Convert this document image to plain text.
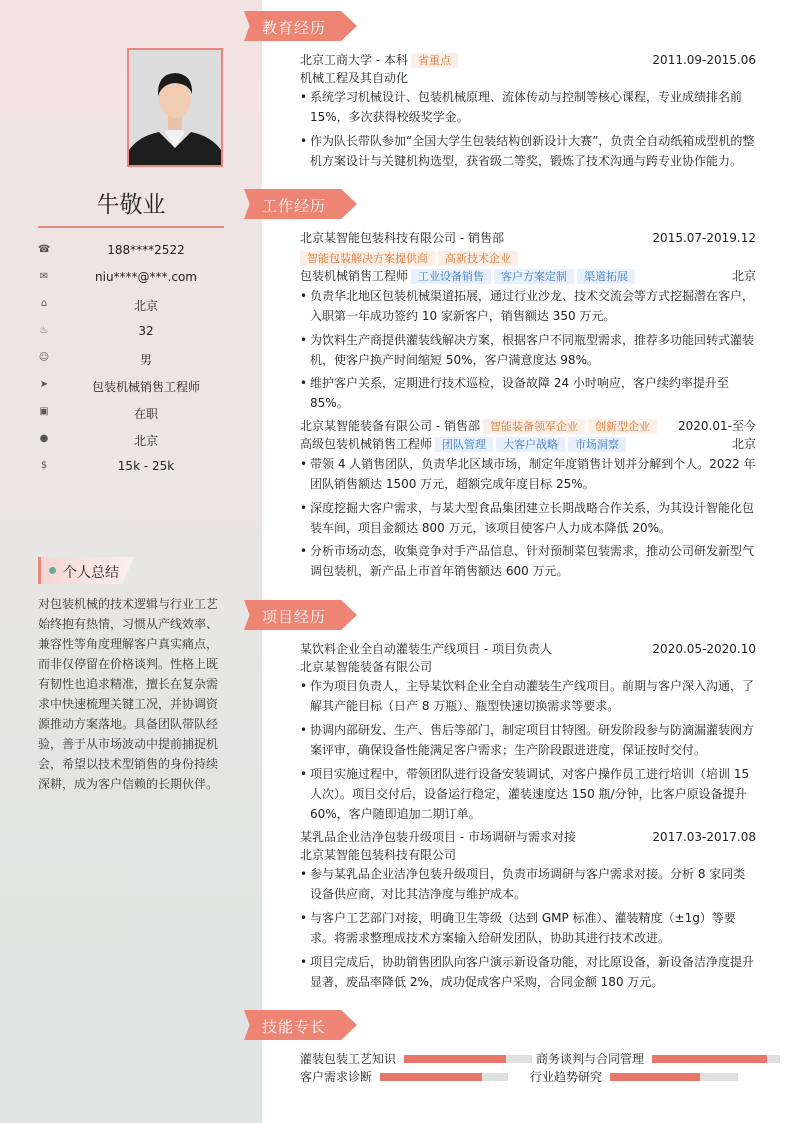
牛敬业
☎	188****2522
✉	niu****@***.com
⌂	北京
♨	32
☺	男
➤	包装机械销售工程师
▣	在职
●	北京
$	15k - 25k
个人总结
对包装机械的技术逻辑与行业工艺始终抱有热情，习惯从产线效率、兼容性等角度理解客户真实痛点，而非仅停留在价格谈判。性格上既有韧性也追求精准，擅长在复杂需求中快速梳理关键工况，并协调资源推动方案落地。具备团队带队经验，善于从市场波动中提前捕捉机会，希望以技术型销售的身份持续深耕，成为客户信赖的长期伙伴。
教育经历
北京工商大学 - 本科 省重点	2011.09-2015.06
机械工程及其自动化
• 系统学习机械设计、包装机械原理、流体传动与控制等核心课程，专业成绩排名前15%，多次获得校级奖学金。
• 作为队长带队参加“全国大学生包装结构创新设计大赛”，负责全自动纸箱成型机的整机方案设计与关键机构选型，获省级二等奖，锻炼了技术沟通与跨专业协作能力。
工作经历
北京某智能包装科技有限公司 - 销售部	2015.07-2019.12
智能包装解决方案提供商 高新技术企业
包装机械销售工程师 工业设备销售 客户方案定制 渠道拓展	北京
• 负责华北地区包装机械渠道拓展，通过行业沙龙、技术交流会等方式挖掘潜在客户，入职第一年成功签约 10 家新客户，销售额达 350 万元。
• 为饮料生产商提供灌装线解决方案，根据客户不同瓶型需求，推荐多功能回转式灌装机，使客户换产时间缩短 50%，客户满意度达 98%。
• 维护客户关系，定期进行技术巡检，设备故障 24 小时响应，客户续约率提升至85%。
北京某智能装备有限公司 - 销售部 智能装备领军企业 创新型企业 2020.01-至今
高级包装机械销售工程师 团队管理 大客户战略 市场洞察	北京
• 带领 4 人销售团队，负责华北区域市场，制定年度销售计划并分解到个人。2022 年团队销售额达 1500 万元，超额完成年度目标 25%。
• 深度挖掘大客户需求，与某大型食品集团建立长期战略合作关系，为其设计智能化包装车间，项目金额达 800 万元，该项目使客户人力成本降低 20%。
• 分析市场动态，收集竞争对手产品信息，针对预制菜包装需求，推动公司研发新型气调包装机，新产品上市首年销售额达 600 万元。
项目经历
某饮料企业全自动灌装生产线项目 - 项目负责人	2020.05-2020.10
北京某智能装备有限公司
• 作为项目负责人，主导某饮料企业全自动灌装生产线项目。前期与客户深入沟通，了解其产能目标（日产 8 万瓶）、瓶型快速切换需求等要求。
• 协调内部研发、生产、售后等部门，制定项目甘特图。研发阶段参与防滴漏灌装阀方案评审，确保设备性能满足客户需求；生产阶段跟进进度，保证按时交付。
• 项目实施过程中，带领团队进行设备安装调试，对客户操作员工进行培训（培训 15 人次）。项目交付后，设备运行稳定，灌装速度达 150 瓶/分钟，比客户原设备提升 60%，客户随即追加二期订单。
某乳品企业洁净包装升级项目 - 市场调研与需求对接	2017.03-2017.08
北京某智能包装科技有限公司
• 参与某乳品企业洁净包装升级项目，负责市场调研与客户需求对接。分析 8 家同类设备供应商，对比其洁净度与维护成本。
• 与客户工艺部门对接，明确卫生等级（达到 GMP 标准）、灌装精度（±1g）等要求。将需求整理成技术方案输入给研发团队，协助其进行技术改进。
• 项目完成后，协助销售团队向客户演示新设备功能，对比原设备，新设备洁净度提升显著，废品率降低 2%，成功促成客户采购，合同金额 180 万元。
技能专长
灌装包装工艺知识	商务谈判与合同管理
客户需求诊断	行业趋势研究
